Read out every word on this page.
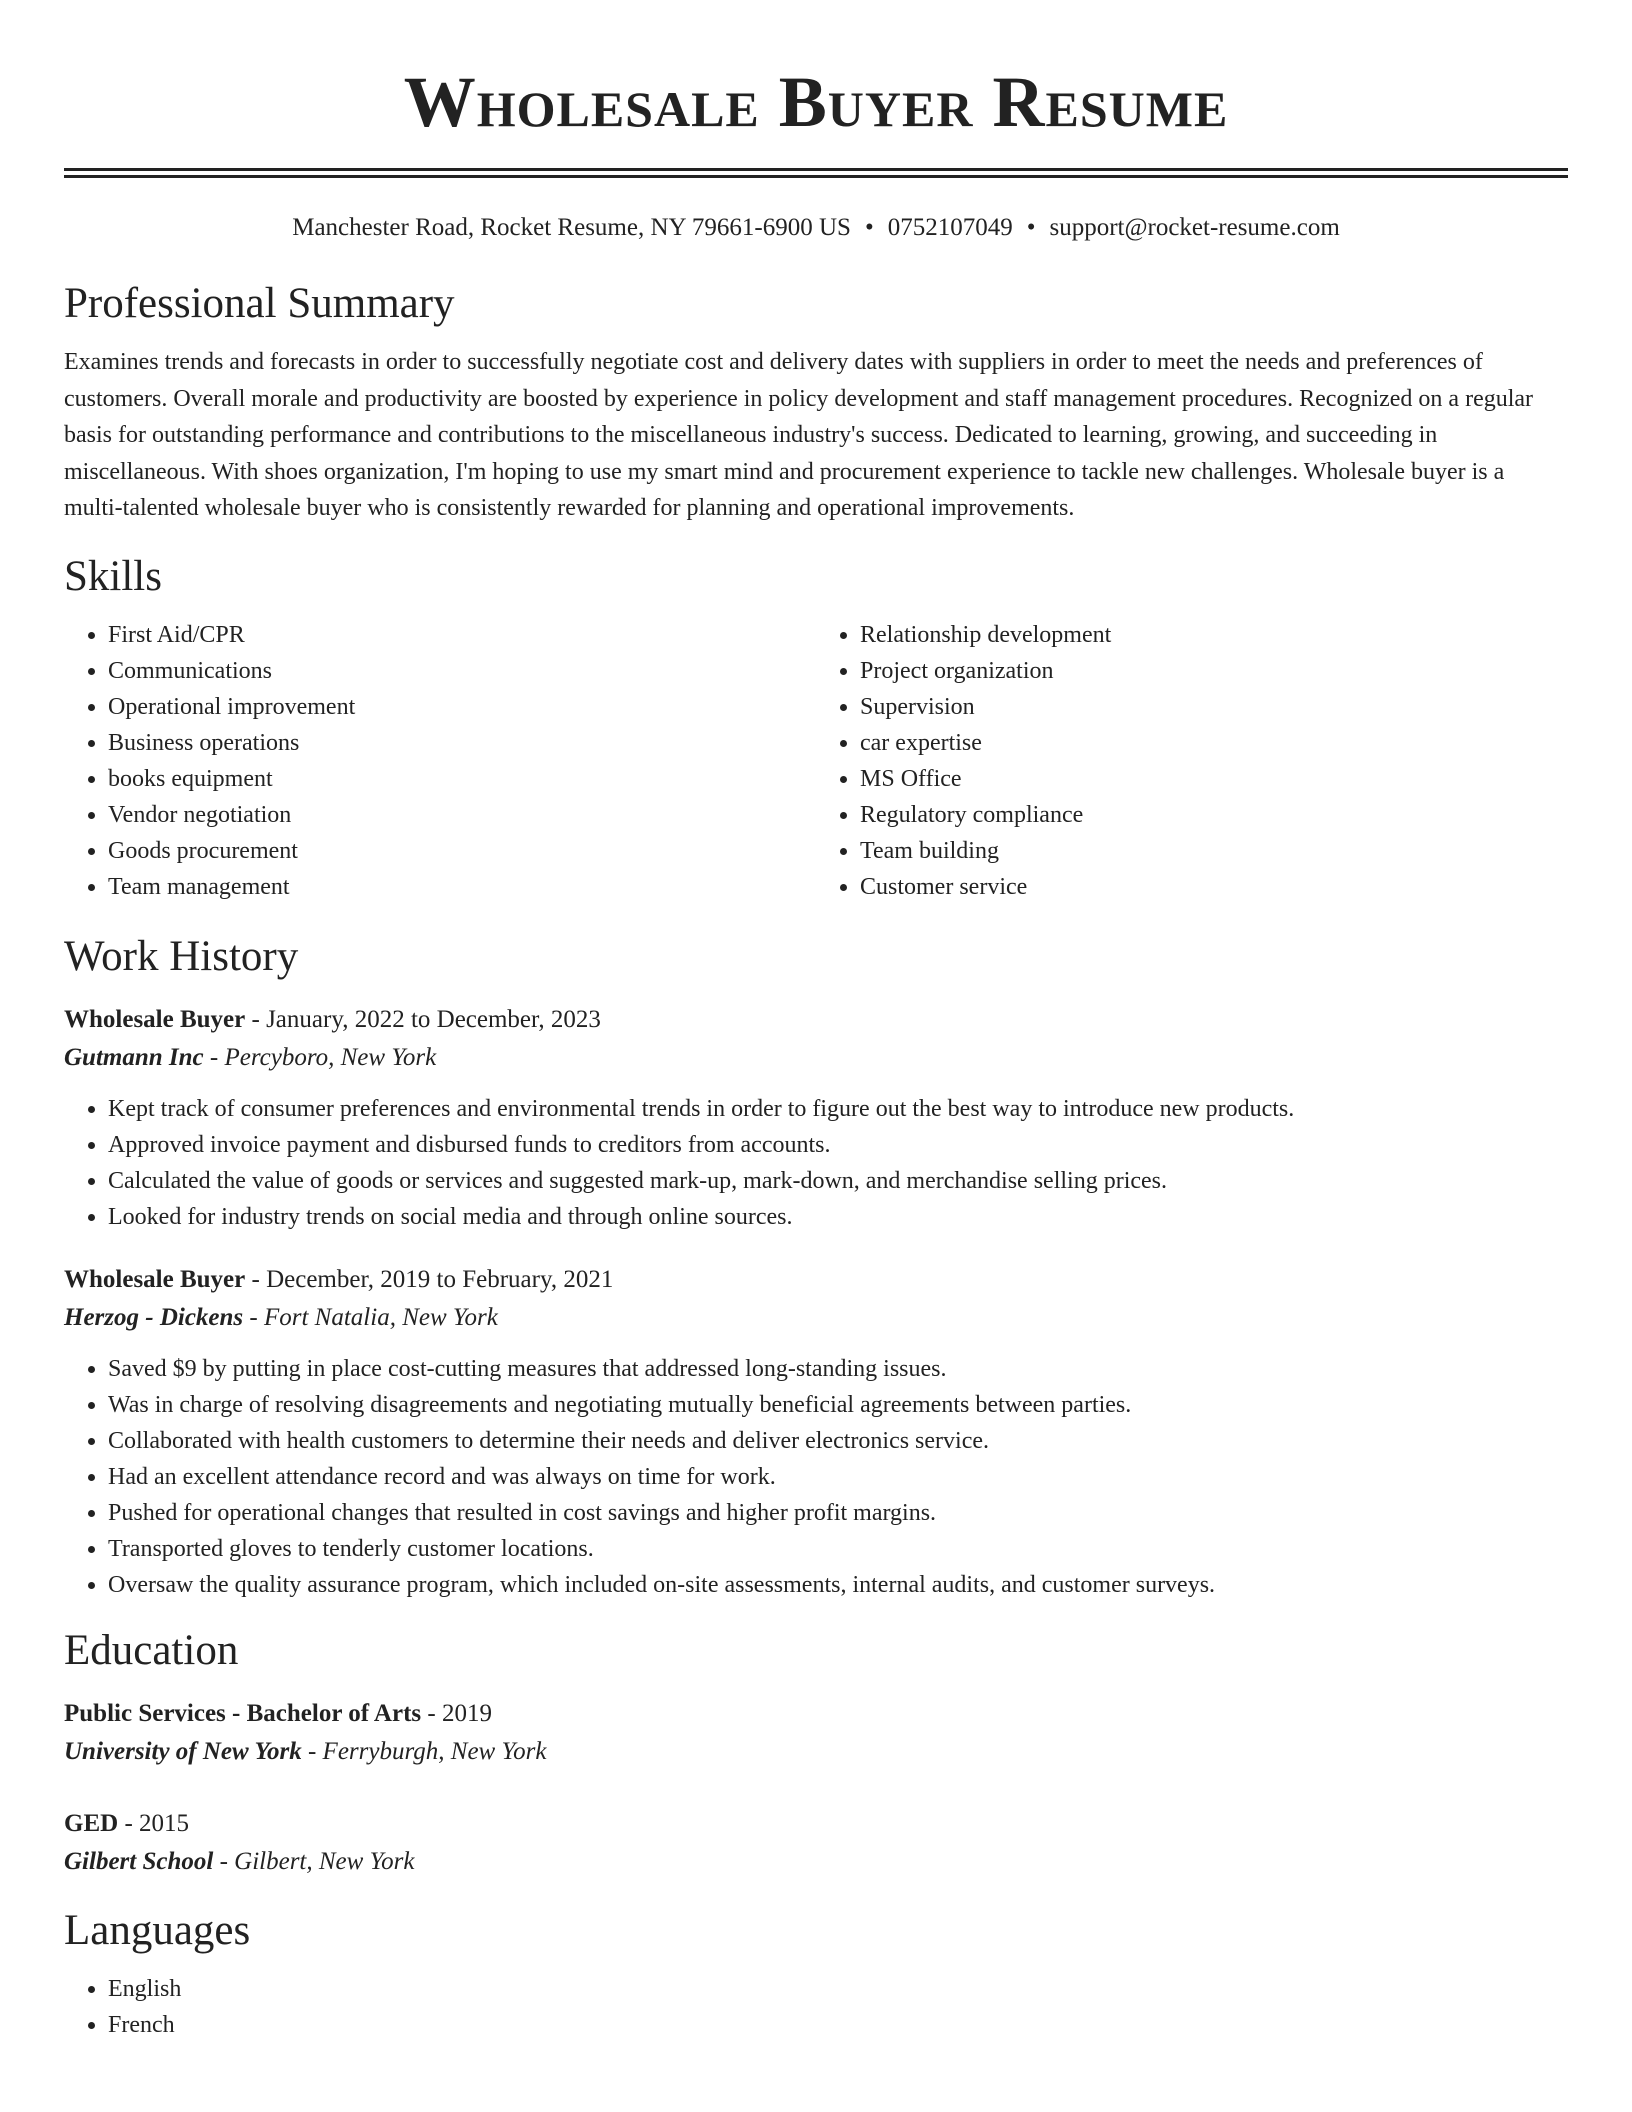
Wholesale Buyer Resume
Manchester Road, Rocket Resume, NY 79661-6900 US • 0752107049 • support@rocket-resume.com
Professional Summary

Examines trends and forecasts in order to successfully negotiate cost and delivery dates with suppliers in order to meet the needs and preferences of customers. Overall morale and productivity are boosted by experience in policy development and staff management procedures. Recognized on a regular basis for outstanding performance and contributions to the miscellaneous industry's success. Dedicated to learning, growing, and succeeding in miscellaneous. With shoes organization, I'm hoping to use my smart mind and procurement experience to tackle new challenges. Wholesale buyer is a multi-talented wholesale buyer who is consistently rewarded for planning and operational improvements.

Skills
• First Aid/CPR
• Communications
• Operational improvement
• Business operations
• books equipment
• Vendor negotiation
• Goods procurement
• Team management
• Relationship development
• Project organization
• Supervision
• car expertise
• MS Office
• Regulatory compliance
• Team building
• Customer service
Work History
Wholesale Buyer - January, 2022 to December, 2023
Gutmann Inc - Percyboro, New York
• Kept track of consumer preferences and environmental trends in order to figure out the best way to introduce new products.
• Approved invoice payment and disbursed funds to creditors from accounts.
• Calculated the value of goods or services and suggested mark-up, mark-down, and merchandise selling prices.
• Looked for industry trends on social media and through online sources.
Wholesale Buyer - December, 2019 to February, 2021
Herzog - Dickens - Fort Natalia, New York
• Saved $9 by putting in place cost-cutting measures that addressed long-standing issues.
• Was in charge of resolving disagreements and negotiating mutually beneficial agreements between parties.
• Collaborated with health customers to determine their needs and deliver electronics service.
• Had an excellent attendance record and was always on time for work.
• Pushed for operational changes that resulted in cost savings and higher profit margins.
• Transported gloves to tenderly customer locations.
• Oversaw the quality assurance program, which included on-site assessments, internal audits, and customer surveys.
Education
Public Services - Bachelor of Arts - 2019
University of New York - Ferryburgh, New York
GED - 2015
Gilbert School - Gilbert, New York
Languages
• English
• French
